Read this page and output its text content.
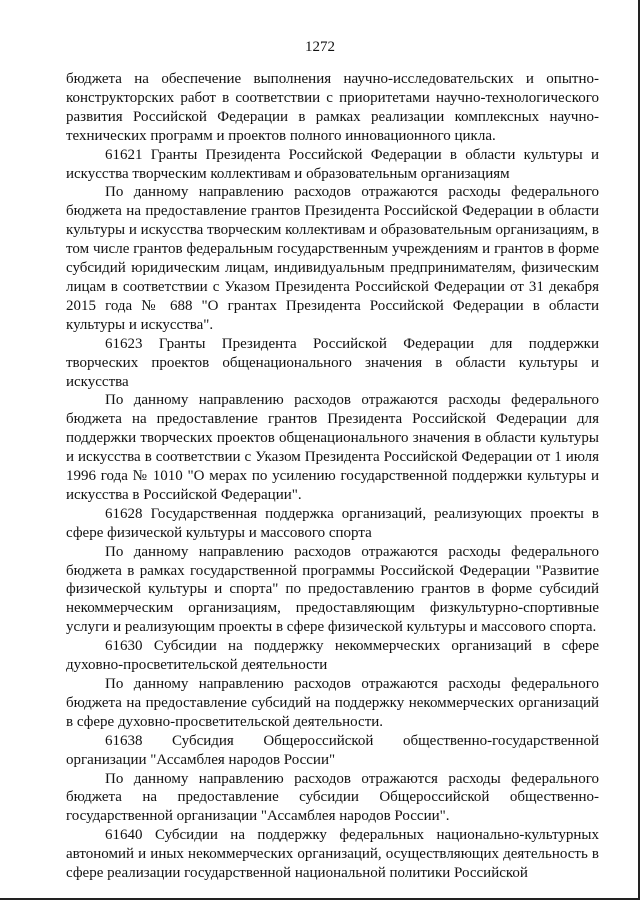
1272

бюджета на обеспечение выполнения научно-исследовательских и опытно-конструкторских работ в соответствии с приоритетами научно-технологического развития Российской Федерации в рамках реализации комплексных научно-технических программ и проектов полного инновационного цикла.

61621 Гранты Президента Российской Федерации в области культуры и искусства творческим коллективам и образовательным организациям

По данному направлению расходов отражаются расходы федерального бюджета на предоставление грантов Президента Российской Федерации в области культуры и искусства творческим коллективам и образовательным организациям, в том числе грантов федеральным государственным учреждениям и грантов в форме субсидий юридическим лицам, индивидуальным предпринимателям, физическим лицам в соответствии с Указом Президента Российской Федерации от 31 декабря 2015 года № 688 "О грантах Президента Российской Федерации в области культуры и искусства".

61623 Гранты Президента Российской Федерации для поддержки творческих проектов общенационального значения в области культуры и искусства

По данному направлению расходов отражаются расходы федерального бюджета на предоставление грантов Президента Российской Федерации для поддержки творческих проектов общенационального значения в области культуры и искусства в соответствии с Указом Президента Российской Федерации от 1 июля 1996 года № 1010 "О мерах по усилению государственной поддержки культуры и искусства в Российской Федерации".

61628 Государственная поддержка организаций, реализующих проекты в сфере физической культуры и массового спорта

По данному направлению расходов отражаются расходы федерального бюджета в рамках государственной программы Российской Федерации "Развитие физической культуры и спорта" по предоставлению грантов в форме субсидий некоммерческим организациям, предоставляющим физкультурно-спортивные услуги и реализующим проекты в сфере физической культуры и массового спорта.

61630 Субсидии на поддержку некоммерческих организаций в сфере духовно-просветительской деятельности

По данному направлению расходов отражаются расходы федерального бюджета на предоставление субсидий на поддержку некоммерческих организаций в сфере духовно-просветительской деятельности.

61638 Субсидия Общероссийской общественно-государственной организации "Ассамблея народов России"

По данному направлению расходов отражаются расходы федерального бюджета на предоставление субсидии Общероссийской общественно-государственной организации "Ассамблея народов России".

61640 Субсидии на поддержку федеральных национально-культурных автономий и иных некоммерческих организаций, осуществляющих деятельность в сфере реализации государственной национальной политики Российской
